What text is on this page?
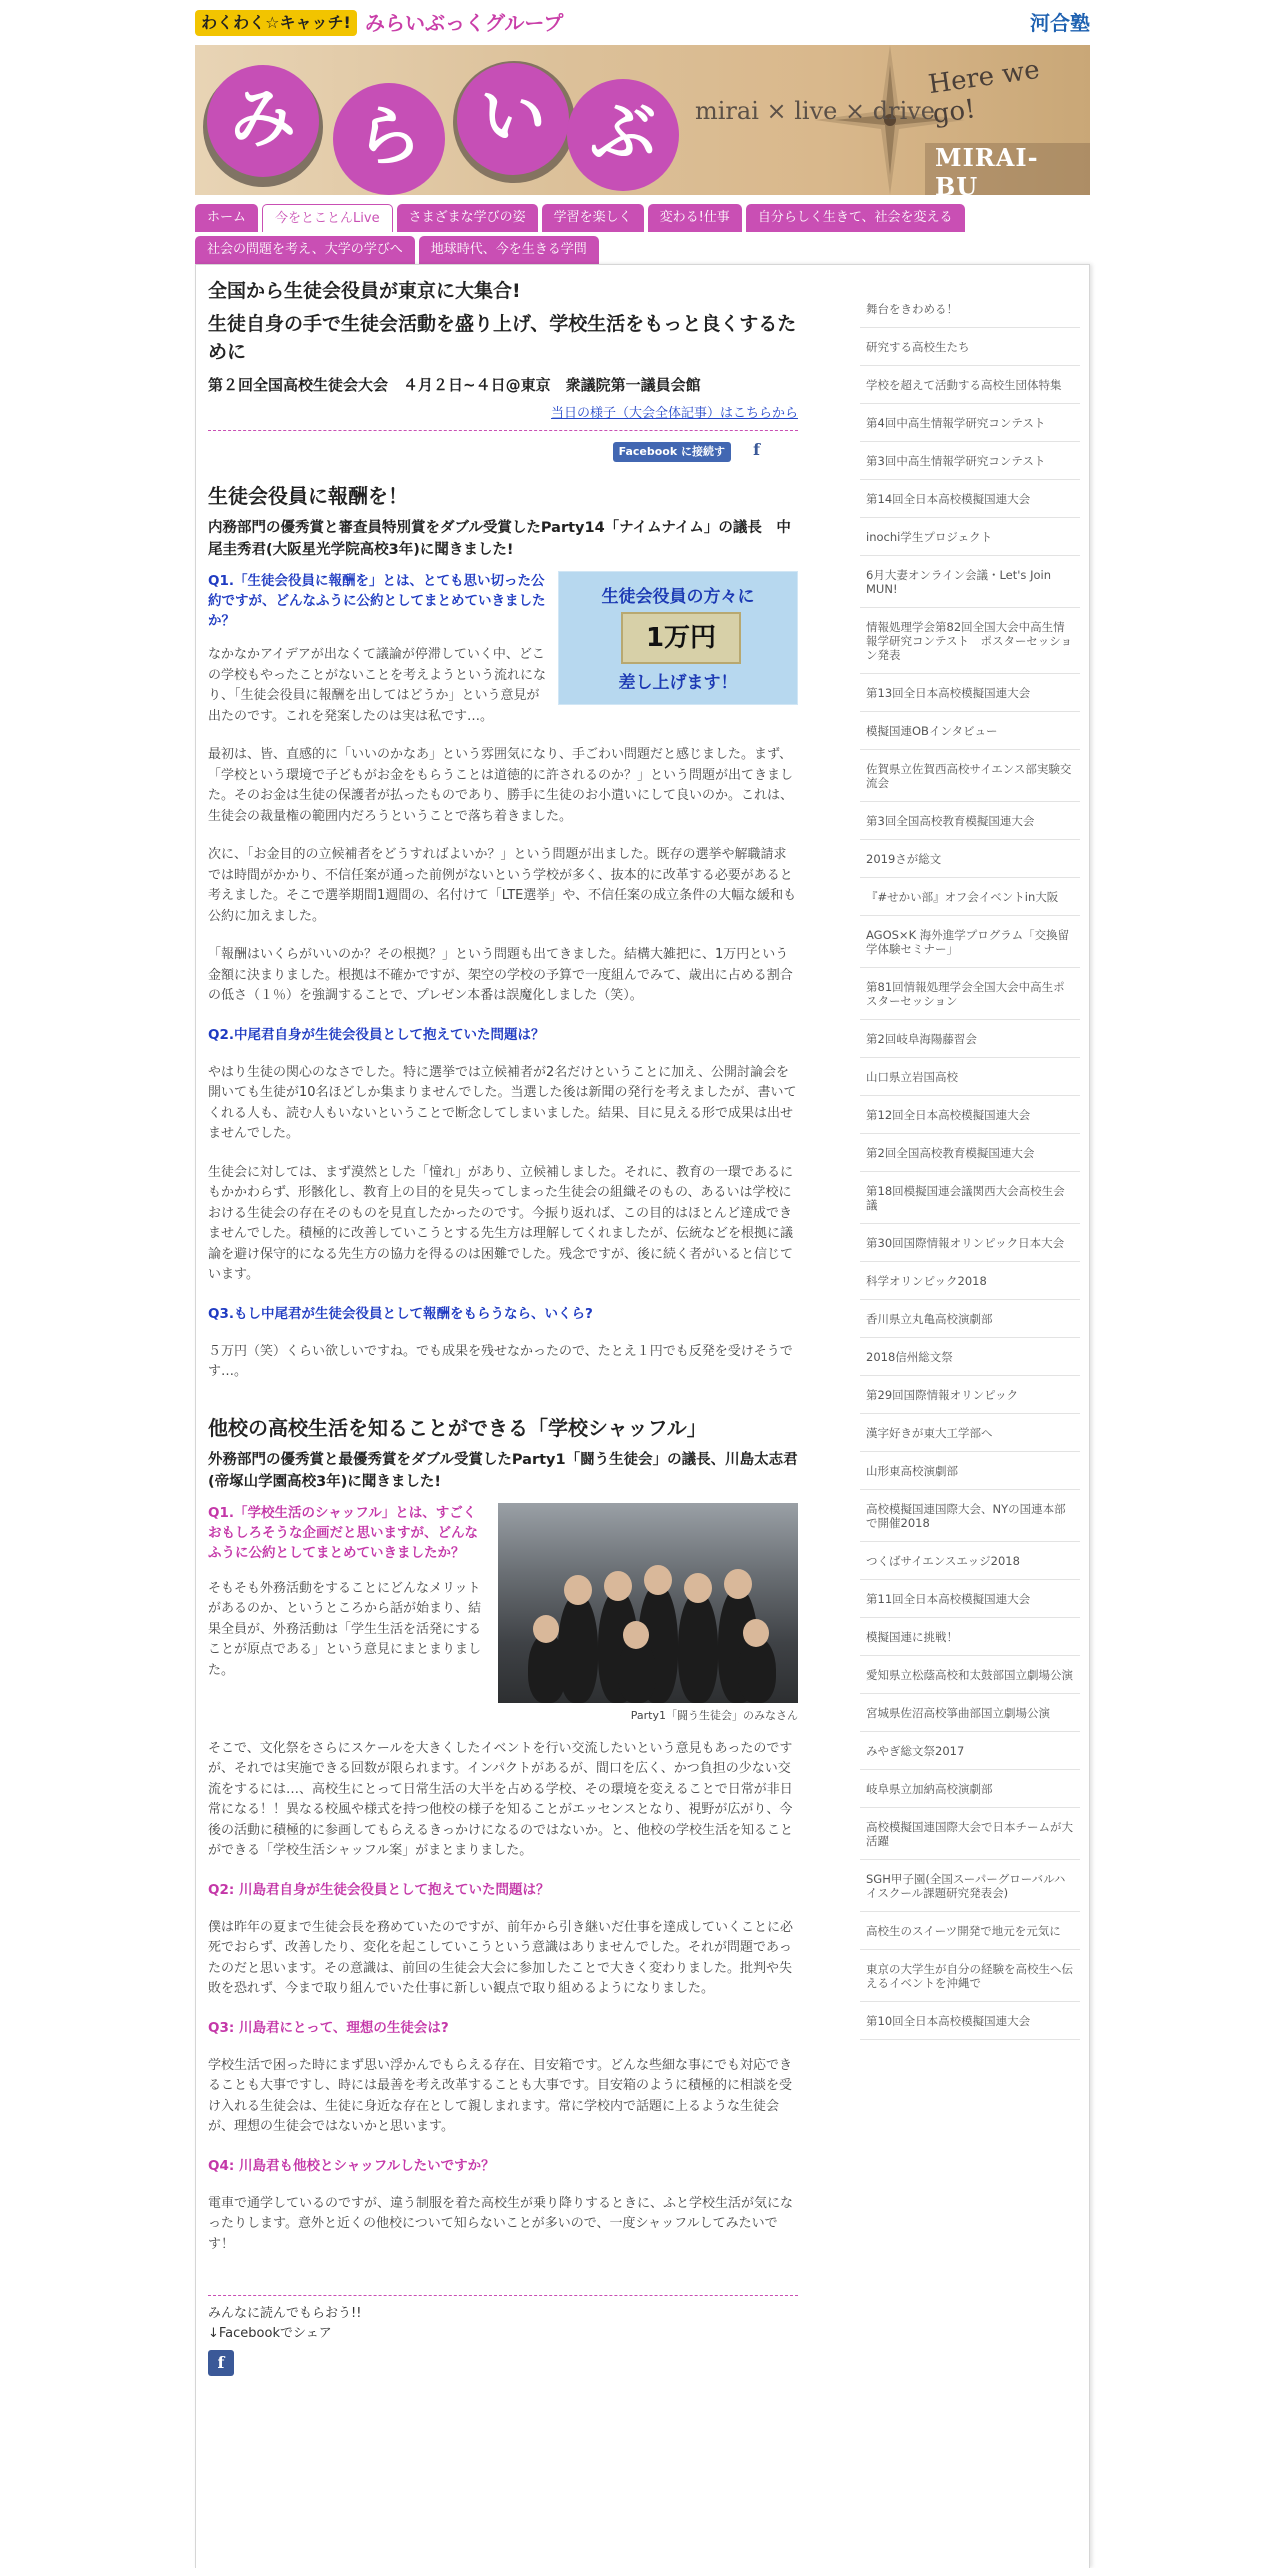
わくわく☆キャッチ! みらいぶっくグループ	河合塾
み ら い ぶ	mirai × live × drive
Here we go!
MIRAI-BU
ホーム	今をとことんLive	さまざまな学びの姿	学習を楽しく	変わる!仕事	自分らしく生きて、社会を変える
社会の問題を考え、大学の学びへ	地球時代、今を生きる学問
全国から生徒会役員が東京に大集合!
生徒自身の手で生徒会活動を盛り上げ、学校生活をもっと良くするために
第２回全国高校生徒会大会　４月２日~４日@東京　衆議院第一議員会館
当日の様子（大会全体記事）はこちらから
Facebook に接続す	f
生徒会役員に報酬を！
内務部門の優秀賞と審査員特別賞をダブル受賞したParty14「ナイムナイム」の議長　中尾圭秀君(大阪星光学院高校3年)に聞きました!
生徒会役員の方々に
1万円
差し上げます！
Q1.「生徒会役員に報酬を」とは、とても思い切った公約ですが、どんなふうに公約としてまとめていきましたか？
なかなかアイデアが出なくて議論が停滞していく中、どこの学校もやったことがないことを考えようという流れになり、「生徒会役員に報酬を出してはどうか」という意見が出たのです。これを発案したのは実は私です…。
最初は、皆、直感的に「いいのかなあ」という雰囲気になり、手ごわい問題だと感じました。まず、「学校という環境で子どもがお金をもらうことは道徳的に許されるのか？」という問題が出てきました。そのお金は生徒の保護者が払ったものであり、勝手に生徒のお小遣いにして良いのか。これは、生徒会の裁量権の範囲内だろうということで落ち着きました。
次に、「お金目的の立候補者をどうすればよいか？」という問題が出ました。既存の選挙や解職請求では時間がかかり、不信任案が通った前例がないという学校が多く、抜本的に改革する必要があると考えました。そこで選挙期間1週間の、名付けて「LTE選挙」や、不信任案の成立条件の大幅な緩和も公約に加えました。
「報酬はいくらがいいのか？その根拠？」という問題も出てきました。結構大雑把に、1万円という金額に決まりました。根拠は不確かですが、架空の学校の予算で一度組んでみて、歳出に占める割合の低さ（１％）を強調することで、プレゼン本番は誤魔化しました（笑）。
Q2.中尾君自身が生徒会役員として抱えていた問題は？
やはり生徒の関心のなさでした。特に選挙では立候補者が2名だけということに加え、公開討論会を開いても生徒が10名ほどしか集まりませんでした。当選した後は新聞の発行を考えましたが、書いてくれる人も、読む人もいないということで断念してしまいました。結果、目に見える形で成果は出せませんでした。
生徒会に対しては、まず漠然とした「憧れ」があり、立候補しました。それに、教育の一環であるにもかかわらず、形骸化し、教育上の目的を見失ってしまった生徒会の組織そのもの、あるいは学校における生徒会の存在そのものを見直したかったのです。今振り返れば、この目的はほとんど達成できませんでした。積極的に改善していこうとする先生方は理解してくれましたが、伝統などを根拠に議論を避け保守的になる先生方の協力を得るのは困難でした。残念ですが、後に続く者がいると信じています。
Q3.もし中尾君が生徒会役員として報酬をもらうなら、いくら?
５万円（笑）くらい欲しいですね。でも成果を残せなかったので、たとえ１円でも反発を受けそうです…。
他校の高校生活を知ることができる「学校シャッフル」
外務部門の優秀賞と最優秀賞をダブル受賞したParty1「闘う生徒会」の議長、川島太志君(帝塚山学園高校3年)に聞きました!
Party1「闘う生徒会」のみなさん
Q1.「学校生活のシャッフル」とは、すごくおもしろそうな企画だと思いますが、どんなふうに公約としてまとめていきましたか？
そもそも外務活動をすることにどんなメリットがあるのか、というところから話が始まり、結果全員が、外務活動は「学生生活を活発にすることが原点である」という意見にまとまりました。
そこで、文化祭をさらにスケールを大きくしたイベントを行い交流したいという意見もあったのですが、それでは実施できる回数が限られます。インパクトがあるが、間口を広く、かつ負担の少ない交流をするには…、高校生にとって日常生活の大半を占める学校、その環境を変えることで日常が非日常になる！！異なる校風や様式を持つ他校の様子を知ることがエッセンスとなり、視野が広がり、今後の活動に積極的に参画してもらえるきっかけになるのではないか。と、他校の学校生活を知ることができる「学校生活シャッフル案」がまとまりました。
Q2: 川島君自身が生徒会役員として抱えていた問題は？
僕は昨年の夏まで生徒会長を務めていたのですが、前年から引き継いだ仕事を達成していくことに必死でおらず、改善したり、変化を起こしていこうという意識はありませんでした。それが問題であったのだと思います。その意識は、前回の生徒会大会に参加したことで大きく変わりました。批判や失敗を恐れず、今まで取り組んでいた仕事に新しい観点で取り組めるようになりました。
Q3: 川島君にとって、理想の生徒会は?
学校生活で困った時にまず思い浮かんでもらえる存在、目安箱です。どんな些細な事にでも対応できることも大事ですし、時には最善を考え改革することも大事です。目安箱のように積極的に相談を受け入れる生徒会は、生徒に身近な存在として親しまれます。常に学校内で話題に上るような生徒会が、理想の生徒会ではないかと思います。
Q4: 川島君も他校とシャッフルしたいですか？
電車で通学しているのですが、違う制服を着た高校生が乗り降りするときに、ふと学校生活が気になったりします。意外と近くの他校について知らないことが多いので、一度シャッフルしてみたいです！
みんなに読んでもらおう!!
↓Facebookでシェア
f
舞台をきわめる！
研究する高校生たち
学校を超えて活動する高校生団体特集
第4回中高生情報学研究コンテスト
第3回中高生情報学研究コンテスト
第14回全日本高校模擬国連大会
inochi学生プロジェクト
6月大妻オンライン会議・Let's Join MUN!
情報処理学会第82回全国大会中高生情報学研究コンテスト　ポスターセッション発表
第13回全日本高校模擬国連大会
模擬国連OBインタビュー
佐賀県立佐賀西高校サイエンス部実験交流会
第3回全国高校教育模擬国連大会
2019さが総文
『#せかい部』オフ会イベントin大阪
AGOS×K 海外進学プログラム「交換留学体験セミナー」
第81回情報処理学会全国大会中高生ポスターセッション
第2回岐阜海陽藤習会
山口県立岩国高校
第12回全日本高校模擬国連大会
第2回全国高校教育模擬国連大会
第18回模擬国連会議関西大会高校生会議
第30回国際情報オリンピック日本大会
科学オリンピック2018
香川県立丸亀高校演劇部
2018信州総文祭
第29回国際情報オリンピック
漢字好きが東大工学部へ
山形東高校演劇部
高校模擬国連国際大会、NYの国連本部で開催2018
つくばサイエンスエッジ2018
第11回全日本高校模擬国連大会
模擬国連に挑戦！
愛知県立松蔭高校和太鼓部国立劇場公演
宮城県佐沼高校箏曲部国立劇場公演
みやぎ総文祭2017
岐阜県立加納高校演劇部
高校模擬国連国際大会で日本チームが大活躍
SGH甲子園(全国スーパーグローバルハイスクール課題研究発表会)
高校生のスイーツ開発で地元を元気に
東京の大学生が自分の経験を高校生へ伝えるイベントを沖縄で
第10回全日本高校模擬国連大会
